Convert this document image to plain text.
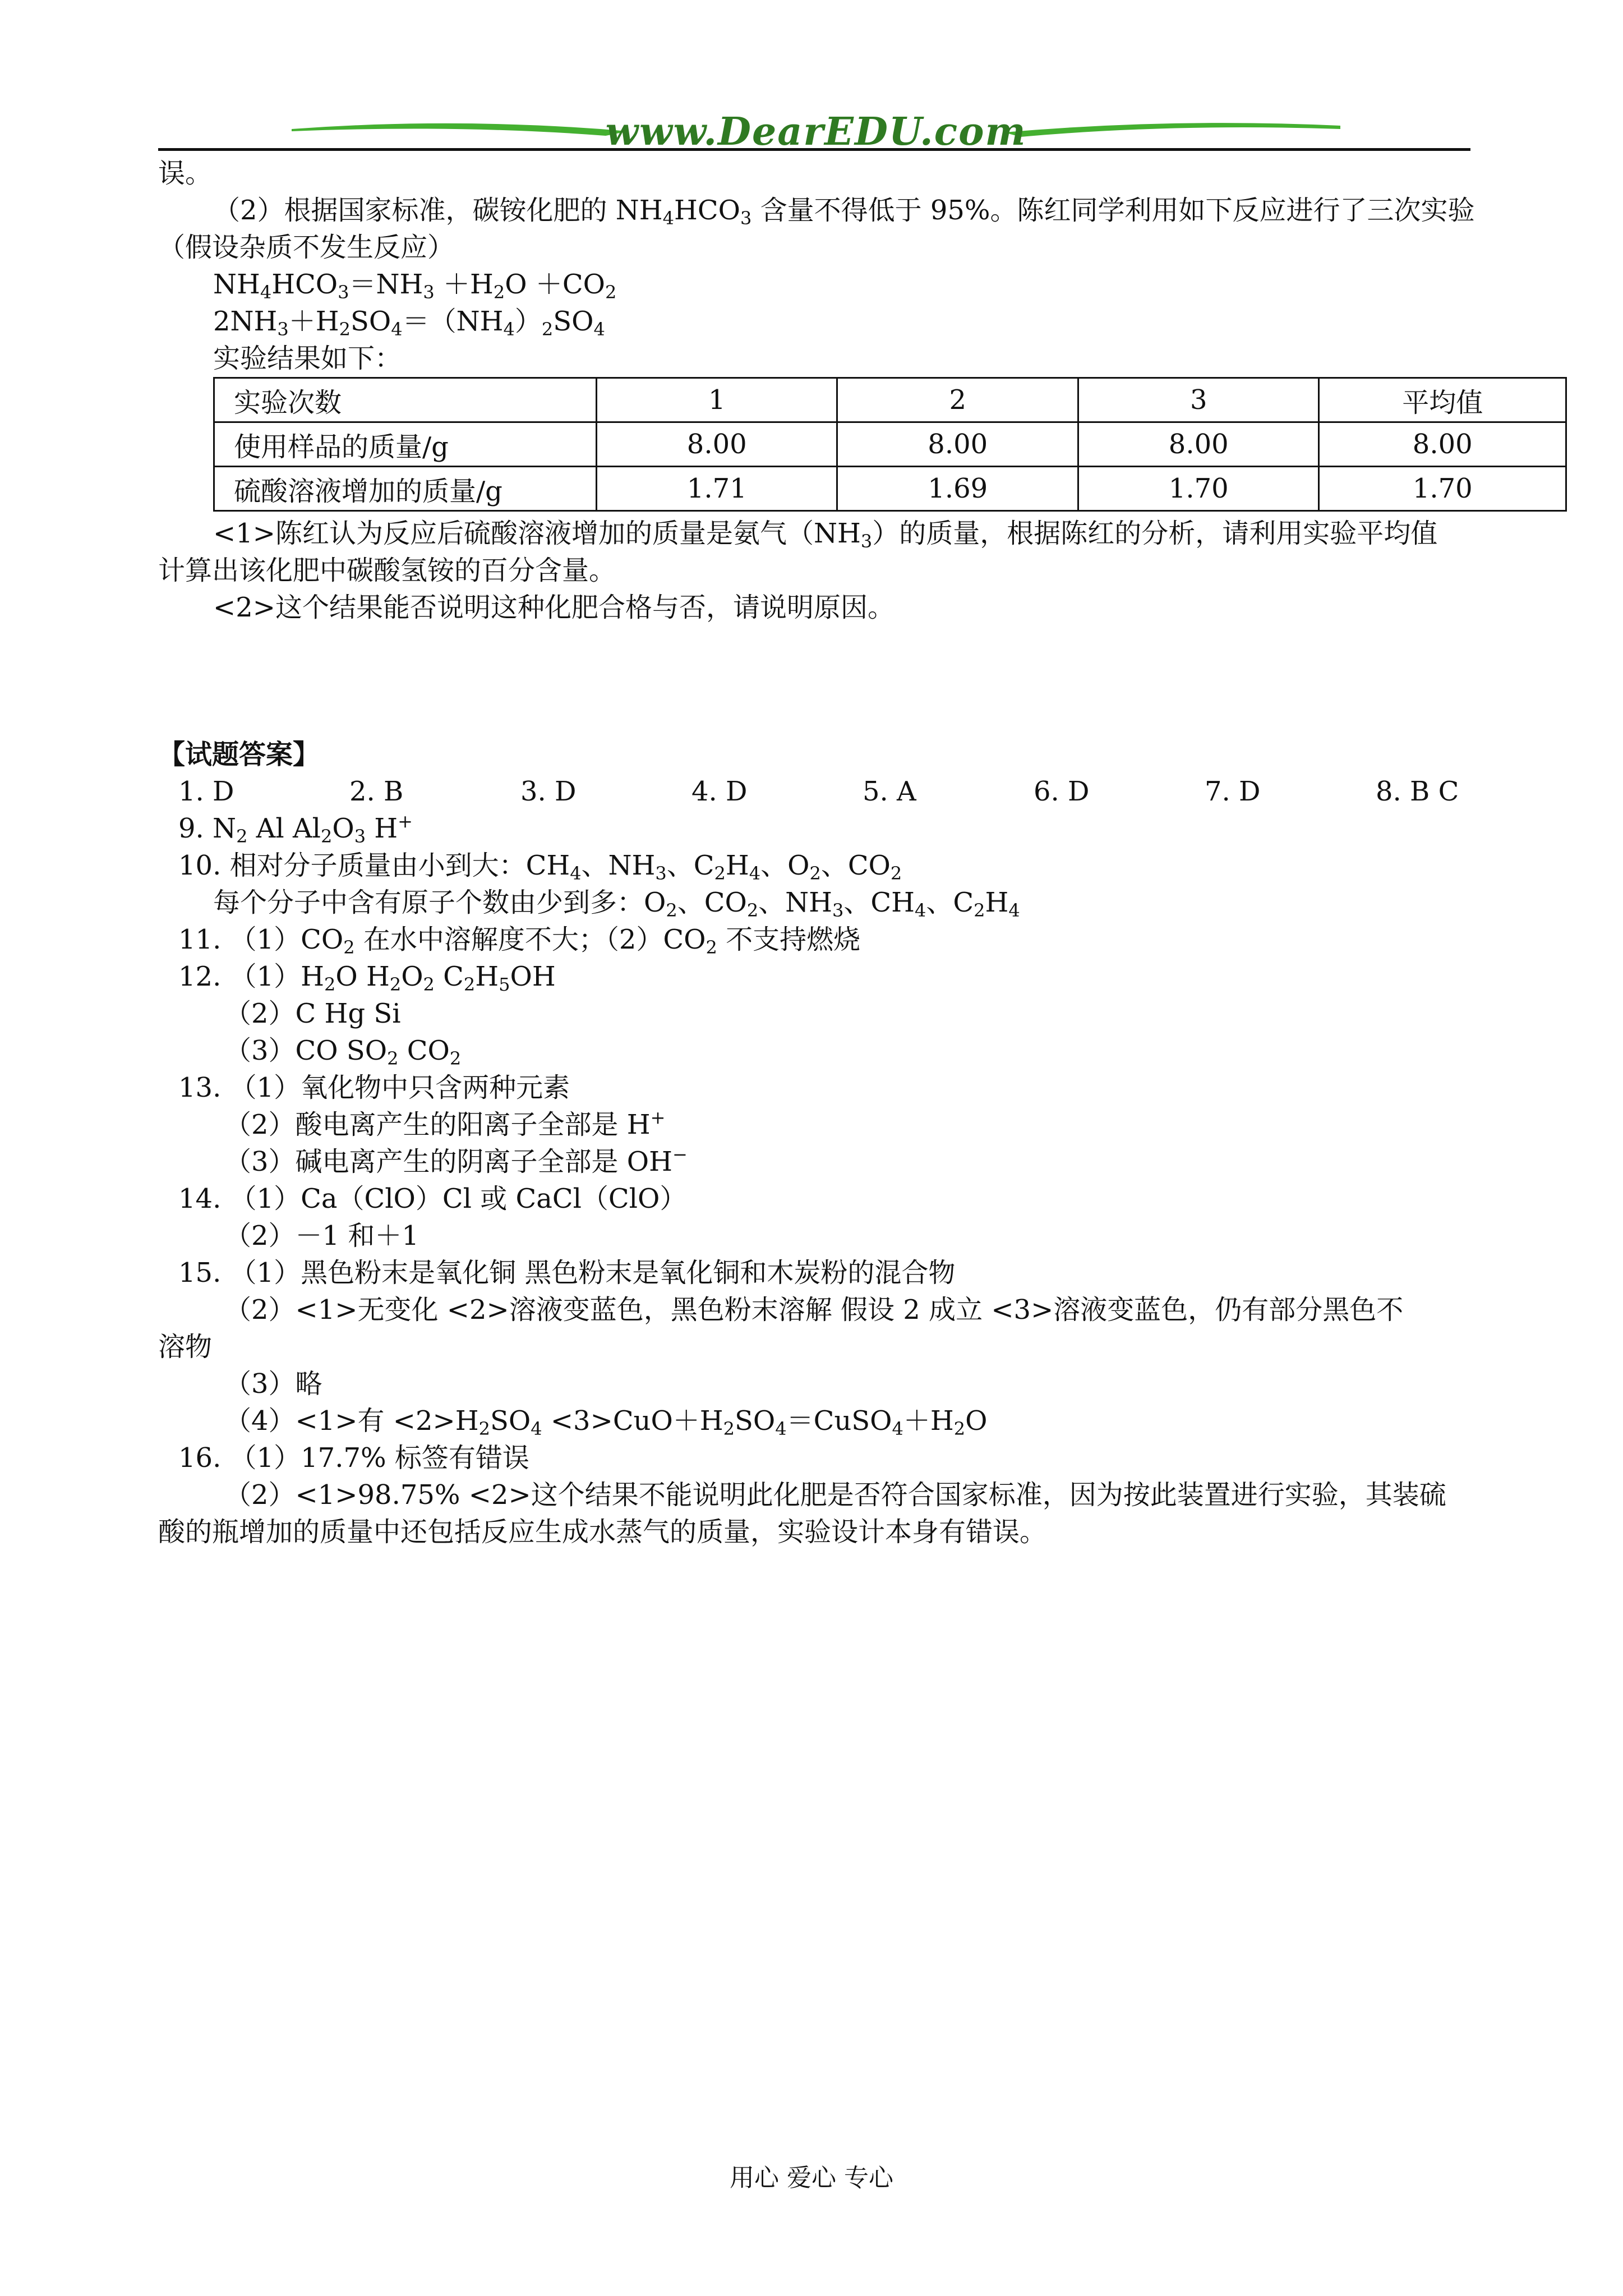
www.DearEDU.com
误。
（2）根据国家标准，碳铵化肥的 $NH_4HCO_3$ 含量不得低于 95%。陈红同学利用如下反应进行了三次实验
（假设杂质不发生反应）
$NH_4HCO_3=NH_3 +H_2O +CO_2$
$2NH_3+H_2SO_4=(NH_4)_2SO_4$
实验结果如下：
实验次数	1	2	3	平均值
使用样品的质量/g	8.00	8.00	8.00	8.00
硫酸溶液增加的质量/g	1.71	1.69	1.70	1.70
<1>陈红认为反应后硫酸溶液增加的质量是氨气$(NH_3)$的质量，根据陈红的分析，请利用实验平均值
计算出该化肥中碳酸氢铵的百分含量。
<2>这个结果能否说明这种化肥合格与否，请说明原因。
【试题答案】
1. D	2. B	3. D	4. D	5. A	6. D	7. D	8. B C
9. $N_2$ Al $Al_2O_3$ H+
10. 相对分子质量由小到大：$CH_4$、$NH_3$、$C_2H_4$、$O_2$、$CO_2$
每个分子中含有原子个数由少到多：$O_2$、$CO_2$、$NH_3$、$CH_4$、$C_2H_4$
11. $(1)CO_2$ 在水中溶解度不大；$(2)CO_2$ 不支持燃烧
12. $(1)H_2O$ $H_2O_2$ $C_2H_5OH$
（2）C Hg Si
（3）CO $SO_2$ $CO_2$
13. （1）氧化物中只含两种元素
（2）酸电离产生的阳离子全部是 H+
（3）碱电离产生的阴离子全部是 OH−
14. （1）Ca（ClO）Cl 或 CaCl（ClO）
（2）－1 和＋1
15. （1）黑色粉末是氧化铜 黑色粉末是氧化铜和木炭粉的混合物
（2）<1>无变化 <2>溶液变蓝色，黑色粉末溶解 假设 2 成立 <3>溶液变蓝色，仍有部分黑色不
溶物
（3）略
（4）<1>有 $<2>H_2SO_4$ $<3>CuO+H_2SO_4=CuSO_4+H_2O$
16. （1）17.7% 标签有错误
（2）<1>98.75% <2>这个结果不能说明此化肥是否符合国家标准，因为按此装置进行实验，其装硫
酸的瓶增加的质量中还包括反应生成水蒸气的质量，实验设计本身有错误。
用心 爱心 专心
